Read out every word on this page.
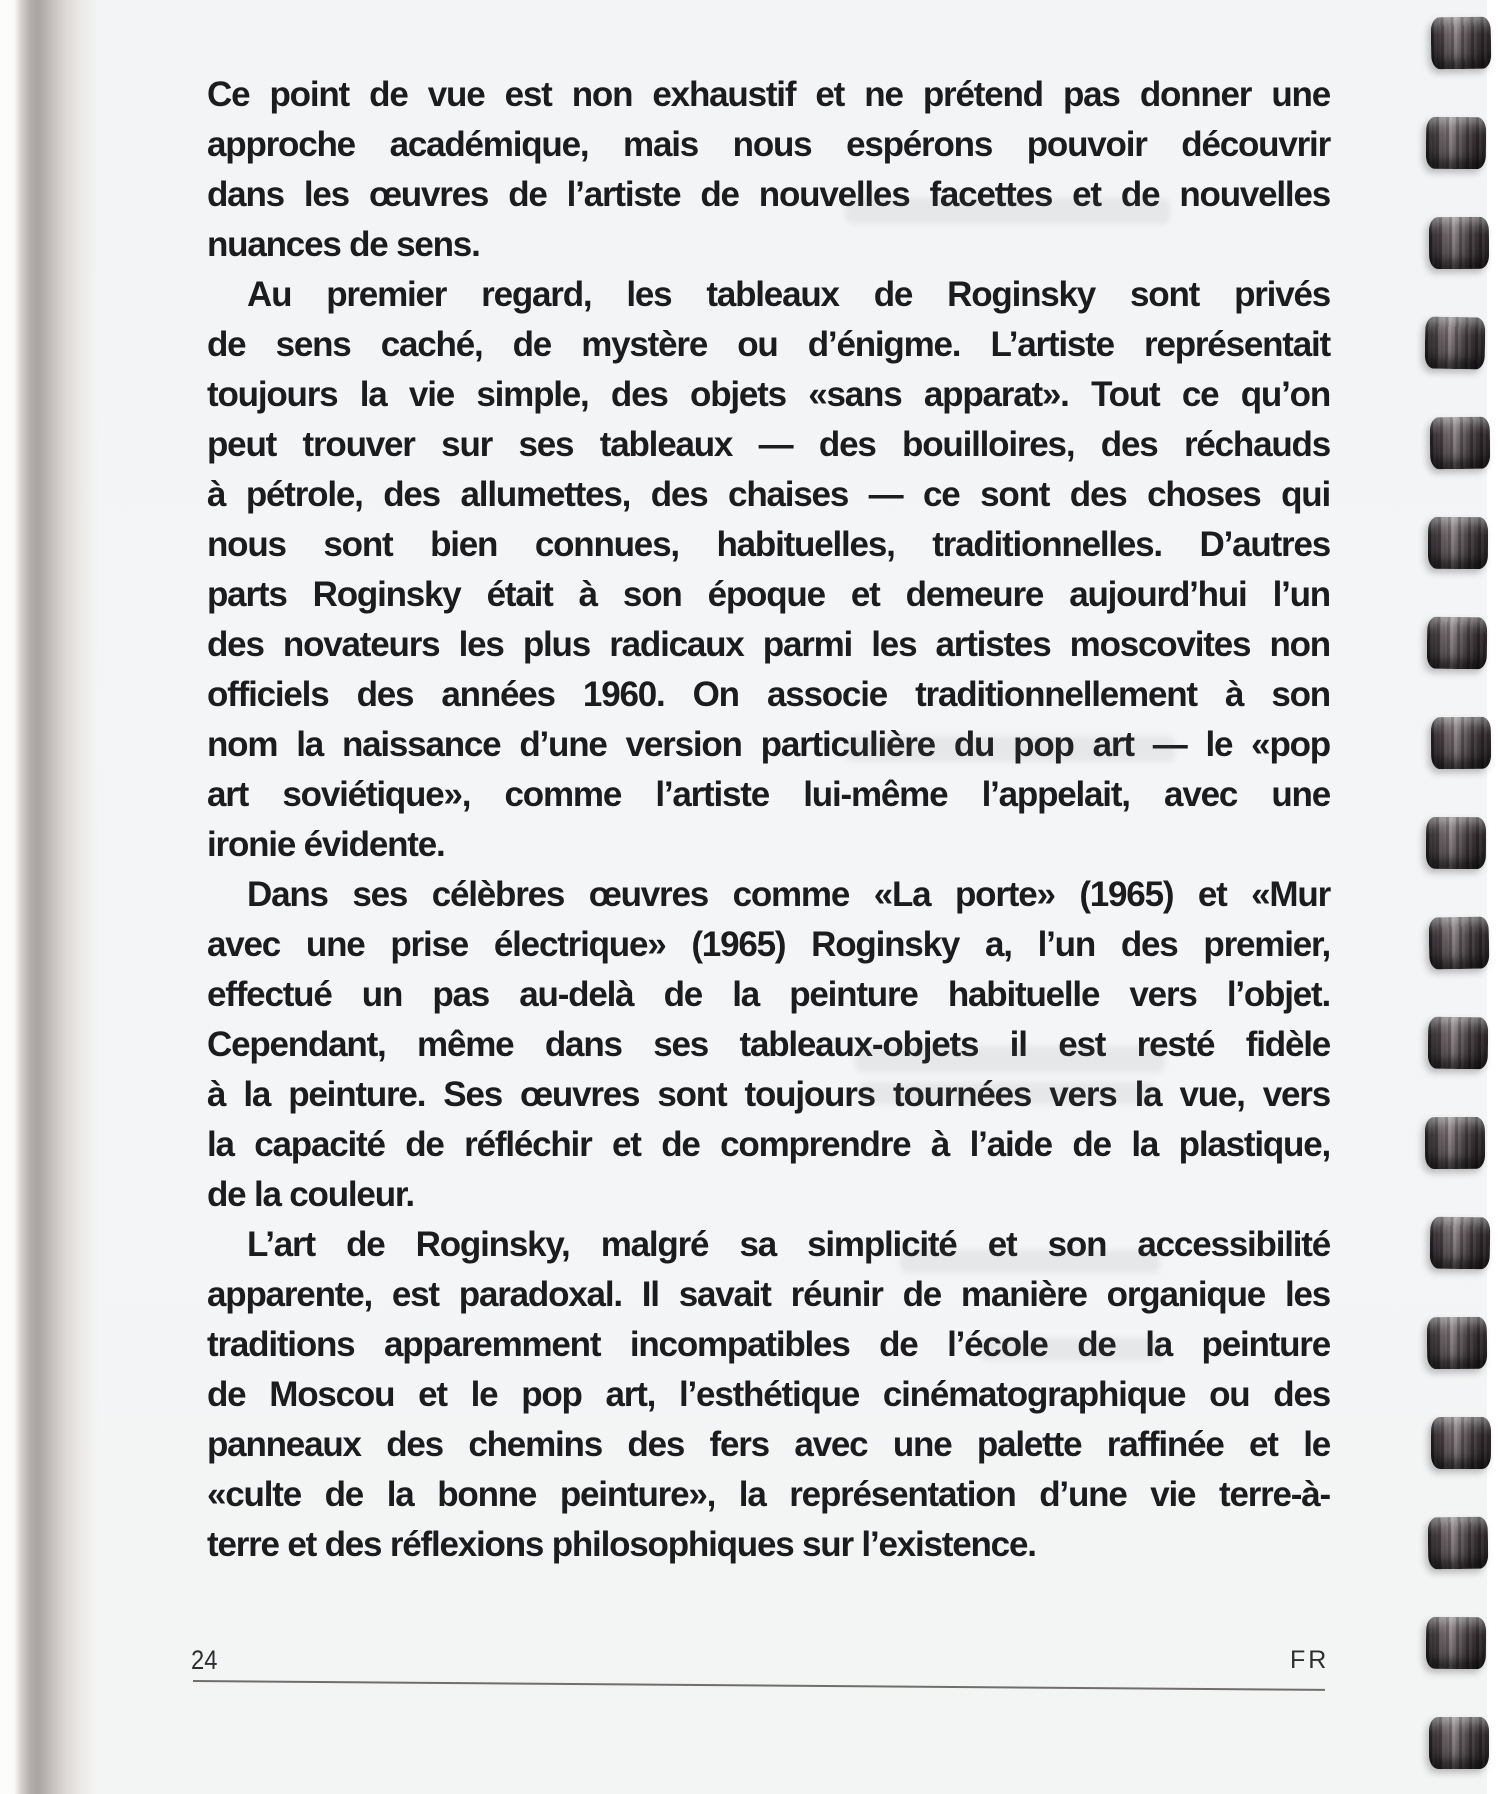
Ce point de vue est non exhaustif et ne prétend pas donner une
approche académique, mais nous espérons pouvoir découvrir
dans les œuvres de l’artiste de nouvelles facettes et de nouvelles
nuances de sens.
Au premier regard, les tableaux de Roginsky sont privés
de sens caché, de mystère ou d’énigme. L’artiste représentait
toujours la vie simple, des objets «sans apparat». Tout ce qu’on
peut trouver sur ses tableaux — des bouilloires, des réchauds
à pétrole, des allumettes, des chaises — ce sont des choses qui
nous sont bien connues, habituelles, traditionnelles. D’autres
parts Roginsky était à son époque et demeure aujourd’hui l’un
des novateurs les plus radicaux parmi les artistes moscovites non
officiels des années 1960. On associe traditionnellement à son
nom la naissance d’une version particulière du pop art — le «pop
art soviétique», comme l’artiste lui-même l’appelait, avec une
ironie évidente.
Dans ses célèbres œuvres comme «La porte» (1965) et «Mur
avec une prise électrique» (1965) Roginsky a, l’un des premier,
effectué un pas au-delà de la peinture habituelle vers l’objet.
Cependant, même dans ses tableaux-objets il est resté fidèle
à la peinture. Ses œuvres sont toujours tournées vers la vue, vers
la capacité de réfléchir et de comprendre à l’aide de la plastique,
de la couleur.
L’art de Roginsky, malgré sa simplicité et son accessibilité
apparente, est paradoxal. Il savait réunir de manière organique les
traditions apparemment incompatibles de l’école de la peinture
de Moscou et le pop art, l’esthétique cinématographique ou des
panneaux des chemins des fers avec une palette raffinée et le
«culte de la bonne peinture», la représentation d’une vie terre-à-
terre et des réflexions philosophiques sur l’existence.
24	FR
